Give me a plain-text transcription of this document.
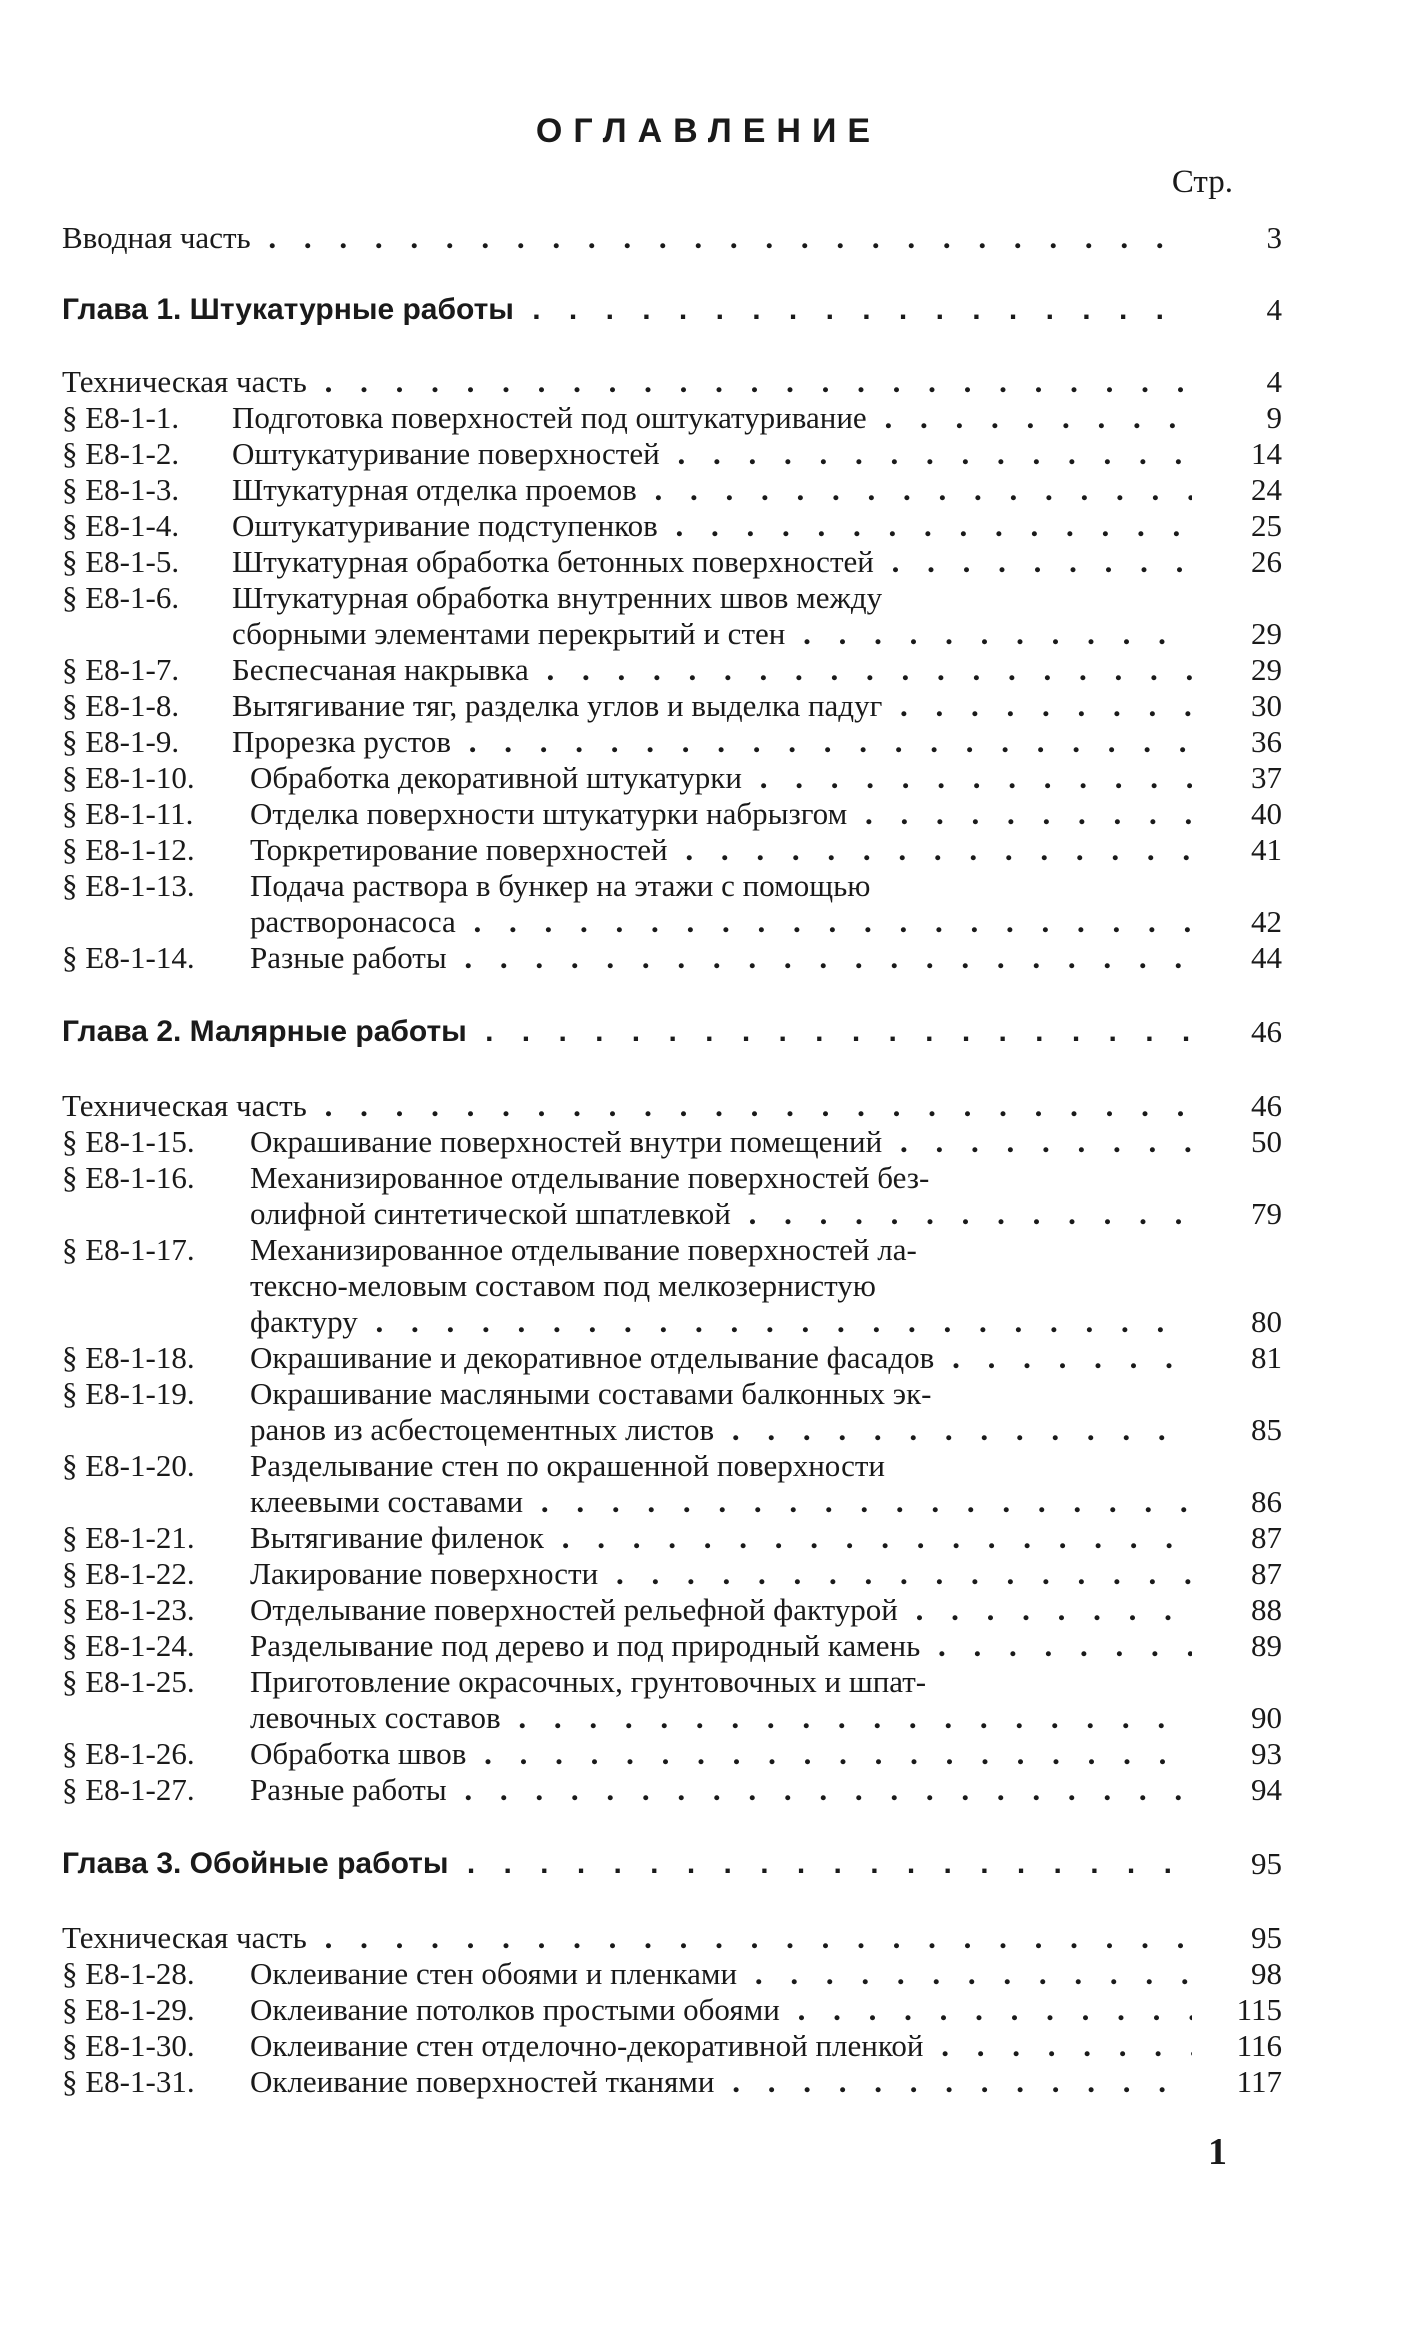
ОГЛАВЛЕНИЕ
Стр.
Вводная часть . . .	3
Глава 1. Штукатурные работы . . .	4
Техническая часть . . .	4
§ Е8-1-1.	Подготовка поверхностей под оштукатуривание . . .	9
§ Е8-1-2.	Оштукатуривание поверхностей . . .	14
§ Е8-1-3.	Штукатурная отделка проемов . . .	24
§ Е8-1-4.	Оштукатуривание подступенков . . .	25
§ Е8-1-5.	Штукатурная обработка бетонных поверхностей . . .	26
§ Е8-1-6.	Штукатурная обработка внутренних швов между
сборными элементами перекрытий и стен . . .	29
§ Е8-1-7.	Беспесчаная накрывка . . .	29
§ Е8-1-8.	Вытягивание тяг, разделка углов и выделка падуг . . .	30
§ Е8-1-9.	Прорезка рустов . . .	36
§ Е8-1-10.	Обработка декоративной штукатурки . . .	37
§ Е8-1-11.	Отделка поверхности штукатурки набрызгом . . .	40
§ Е8-1-12.	Торкретирование поверхностей . . .	41
§ Е8-1-13.	Подача раствора в бункер на этажи с помощью
растворонасоса . . .	42
§ Е8-1-14.	Разные работы . . .	44
Глава 2. Малярные работы . . .	46
Техническая часть . . .	46
§ Е8-1-15.	Окрашивание поверхностей внутри помещений . . .	50
§ Е8-1-16.	Механизированное отделывание поверхностей без-
олифной синтетической шпатлевкой . . .	79
§ Е8-1-17.	Механизированное отделывание поверхностей ла-
тексно-меловым составом под мелкозернистую
фактуру . . .	80
§ Е8-1-18.	Окрашивание и декоративное отделывание фасадов . . .	81
§ Е8-1-19.	Окрашивание масляными составами балконных эк-
ранов из асбестоцементных листов . . .	85
§ Е8-1-20.	Разделывание стен по окрашенной поверхности
клеевыми составами . . .	86
§ Е8-1-21.	Вытягивание филенок . . .	87
§ Е8-1-22.	Лакирование поверхности . . .	87
§ Е8-1-23.	Отделывание поверхностей рельефной фактурой . . .	88
§ Е8-1-24.	Разделывание под дерево и под природный камень . . .	89
§ Е8-1-25.	Приготовление окрасочных, грунтовочных и шпат-
левочных составов . . .	90
§ Е8-1-26.	Обработка швов . . .	93
§ Е8-1-27.	Разные работы . . .	94
Глава 3. Обойные работы . . .	95
Техническая часть . . .	95
§ Е8-1-28.	Оклеивание стен обоями и пленками . . .	98
§ Е8-1-29.	Оклеивание потолков простыми обоями . . .	115
§ Е8-1-30.	Оклеивание стен отделочно-декоративной пленкой . . .	116
§ Е8-1-31.	Оклеивание поверхностей тканями . . .	117
1
